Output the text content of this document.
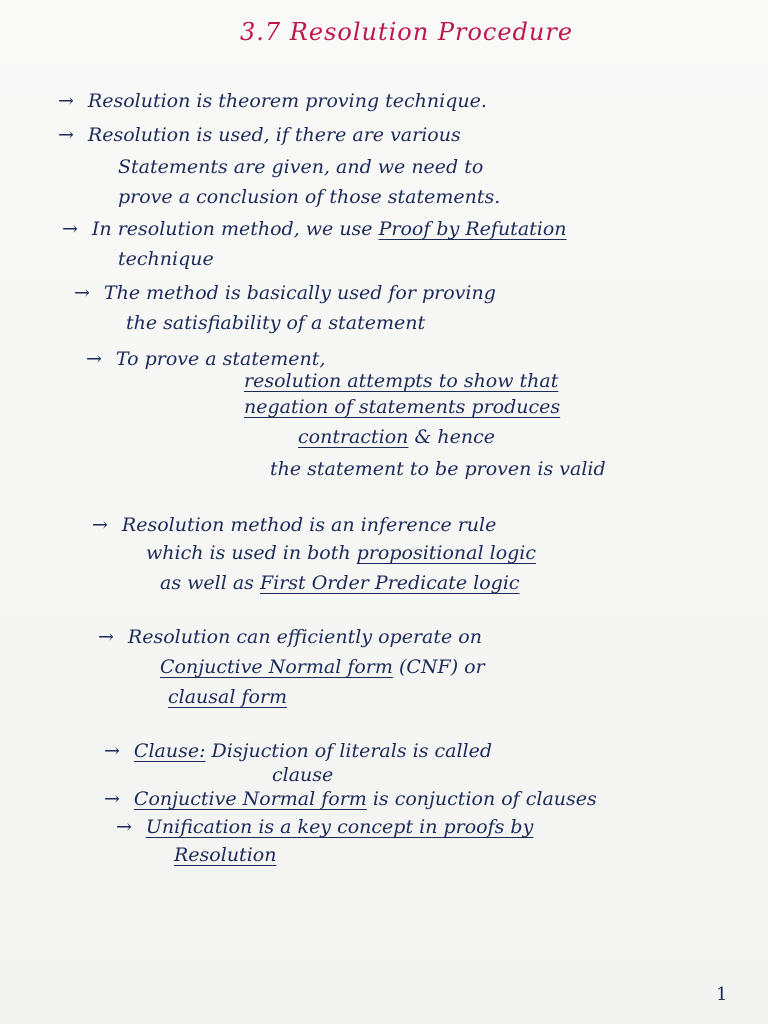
3.7 Resolution Procedure
→ Resolution is theorem proving technique.
→ Resolution is used, if there are various
Statements are given, and we need to
prove a conclusion of those statements.
→ In resolution method, we use Proof by Refutation
technique
→ The method is basically used for proving
the satisfiability of a statement
→ To prove a statement,
resolution attempts to show that
negation of statements produces
contraction & hence
the statement to be proven is valid
→ Resolution method is an inference rule
which is used in both propositional logic
as well as First Order Predicate logic
→ Resolution can efficiently operate on
Conjuctive Normal form (CNF) or
clausal form
→ Clause: Disjuction of literals is called
clause
→ Conjuctive Normal form is conjuction of clauses
→ Unification is a key concept in proofs by
Resolution
1
